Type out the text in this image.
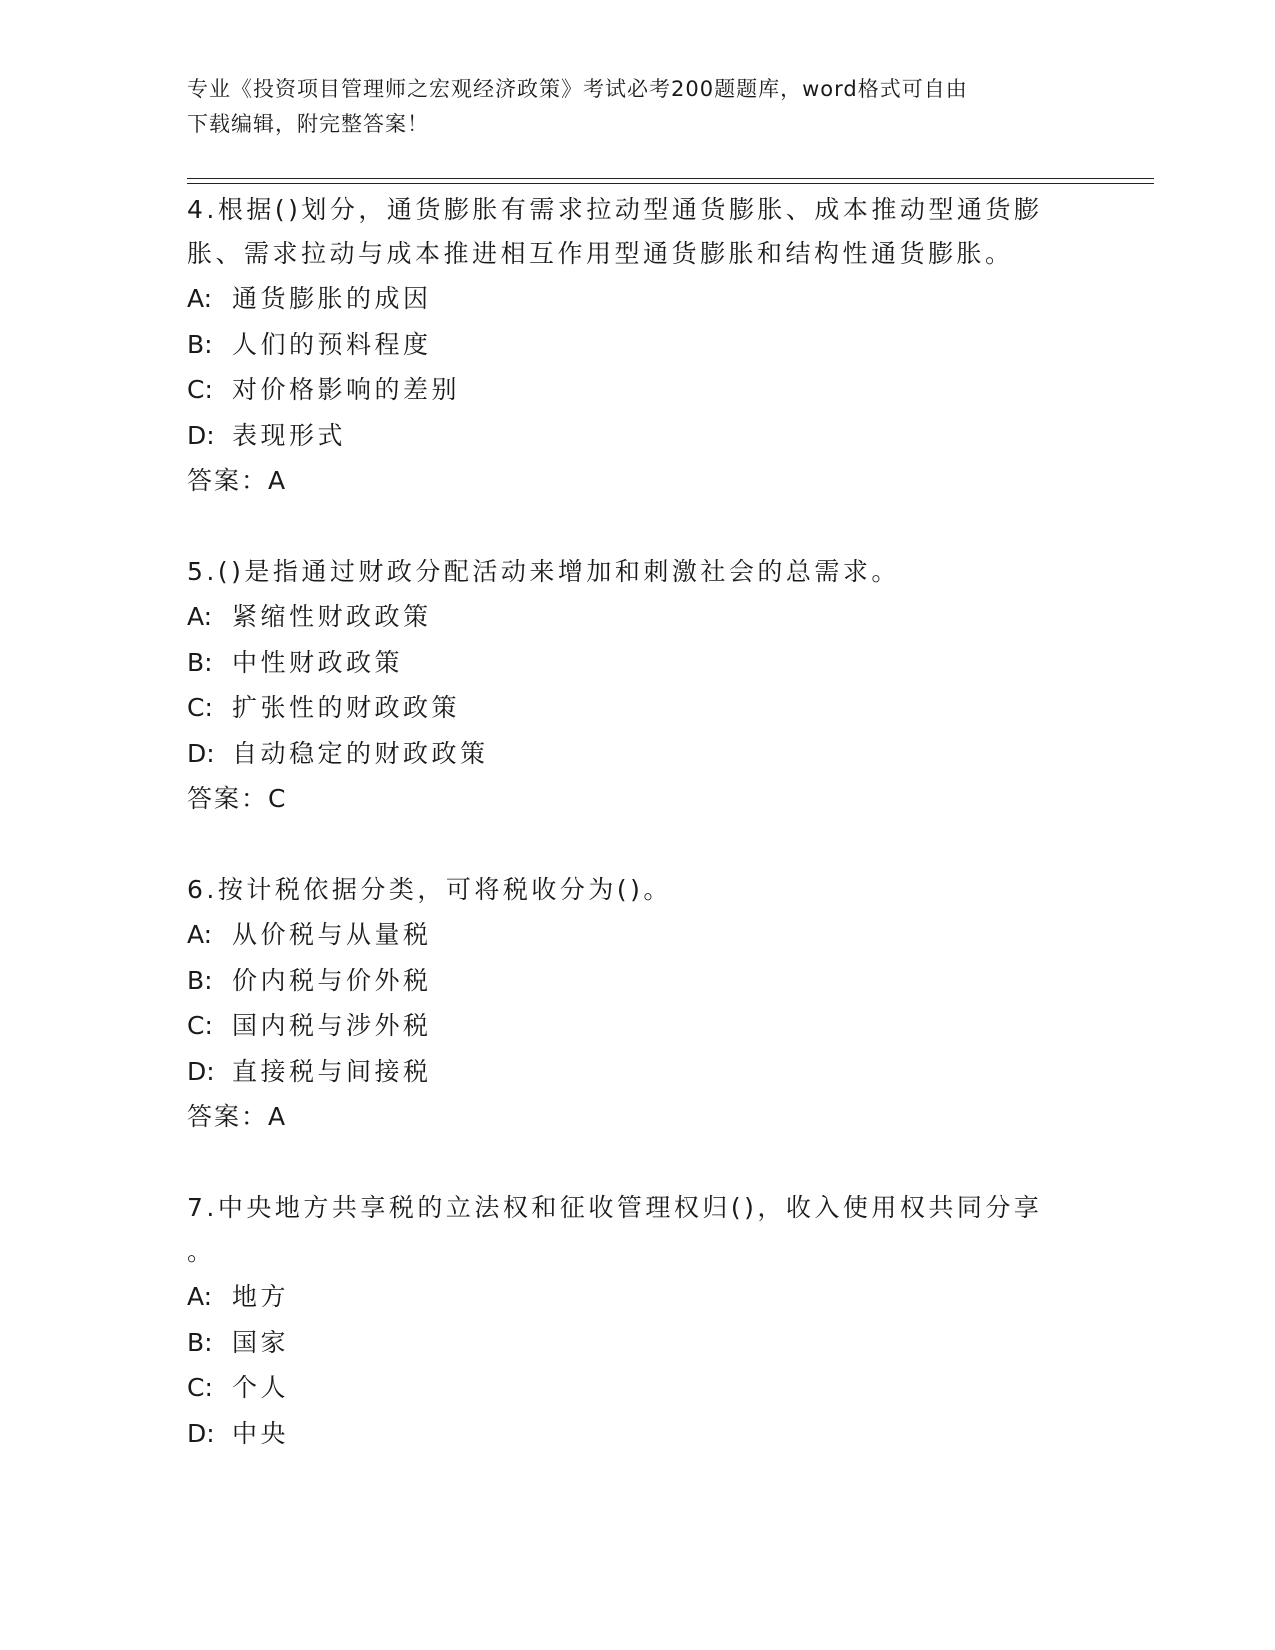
专业《投资项目管理师之宏观经济政策》考试必考200题题库，word格式可自由
下载编辑，附完整答案！
4.根据()划分，通货膨胀有需求拉动型通货膨胀、成本推动型通货膨
胀、需求拉动与成本推进相互作用型通货膨胀和结构性通货膨胀。
A: 通货膨胀的成因
B: 人们的预料程度
C: 对价格影响的差别
D: 表现形式
答案：A
5.()是指通过财政分配活动来增加和刺激社会的总需求。
A: 紧缩性财政政策
B: 中性财政政策
C: 扩张性的财政政策
D: 自动稳定的财政政策
答案：C
6.按计税依据分类，可将税收分为()。
A: 从价税与从量税
B: 价内税与价外税
C: 国内税与涉外税
D: 直接税与间接税
答案：A
7.中央地方共享税的立法权和征收管理权归()，收入使用权共同分享
。
A: 地方
B: 国家
C: 个人
D: 中央
